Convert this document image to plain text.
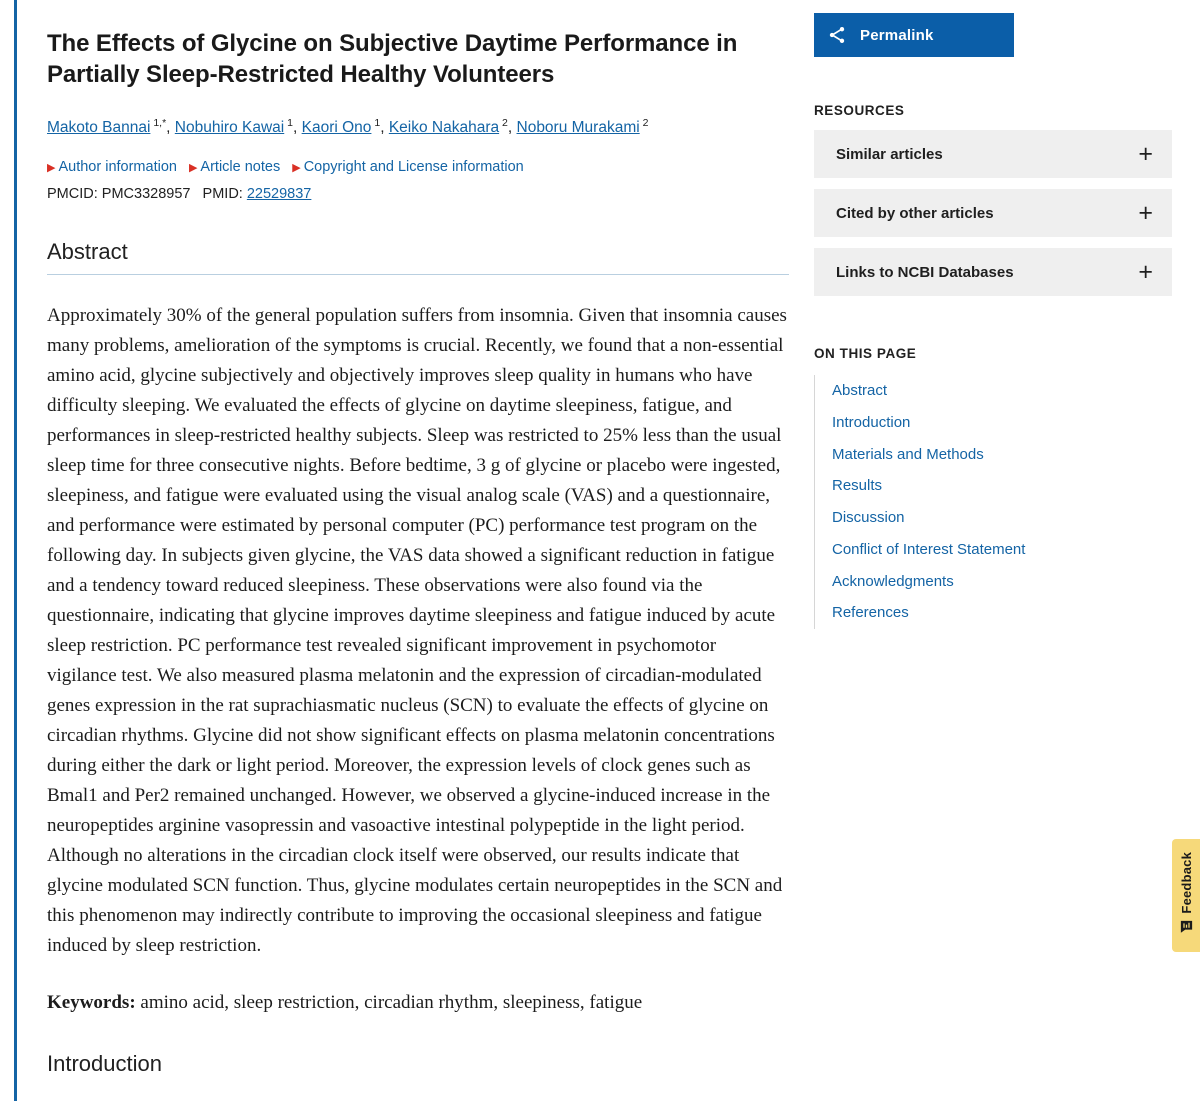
The Effects of Glycine on Subjective Daytime Performance in Partially Sleep-Restricted Healthy Volunteers
Makoto Bannai $^{1,*}$, Nobuhiro Kawai $^1$, Kaori Ono $^1$, Keiko Nakahara $^2$, Noboru Murakami $^2$
▶ Author information ▶ Article notes ▶ Copyright and License information
PMCID: PMC3328957 PMID: 22529837
Abstract

Approximately 30% of the general population suffers from insomnia. Given that insomnia causes many problems, amelioration of the symptoms is crucial. Recently, we found that a non-essential amino acid, glycine subjectively and objectively improves sleep quality in humans who have difficulty sleeping. We evaluated the effects of glycine on daytime sleepiness, fatigue, and performances in sleep-restricted healthy subjects. Sleep was restricted to 25% less than the usual sleep time for three consecutive nights. Before bedtime, 3 g of glycine or placebo were ingested, sleepiness, and fatigue were evaluated using the visual analog scale (VAS) and a questionnaire, and performance were estimated by personal computer (PC) performance test program on the following day. In subjects given glycine, the VAS data showed a significant reduction in fatigue and a tendency toward reduced sleepiness. These observations were also found via the questionnaire, indicating that glycine improves daytime sleepiness and fatigue induced by acute sleep restriction. PC performance test revealed significant improvement in psychomotor vigilance test. We also measured plasma melatonin and the expression of circadian-modulated genes expression in the rat suprachiasmatic nucleus (SCN) to evaluate the effects of glycine on circadian rhythms. Glycine did not show significant effects on plasma melatonin concentrations during either the dark or light period. Moreover, the expression levels of clock genes such as Bmal1 and Per2 remained unchanged. However, we observed a glycine-induced increase in the neuropeptides arginine vasopressin and vasoactive intestinal polypeptide in the light period. Although no alterations in the circadian clock itself were observed, our results indicate that glycine modulated SCN function. Thus, glycine modulates certain neuropeptides in the SCN and this phenomenon may indirectly contribute to improving the occasional sleepiness and fatigue induced by sleep restriction.

Keywords: amino acid, sleep restriction, circadian rhythm, sleepiness, fatigue

Introduction
Permalink
RESOURCES
Similar articles	+
Cited by other articles	+
Links to NCBI Databases	+
ON THIS PAGE
Abstract
Introduction
Materials and Methods
Results
Discussion
Conflict of Interest Statement
Acknowledgments
References
Feedback
